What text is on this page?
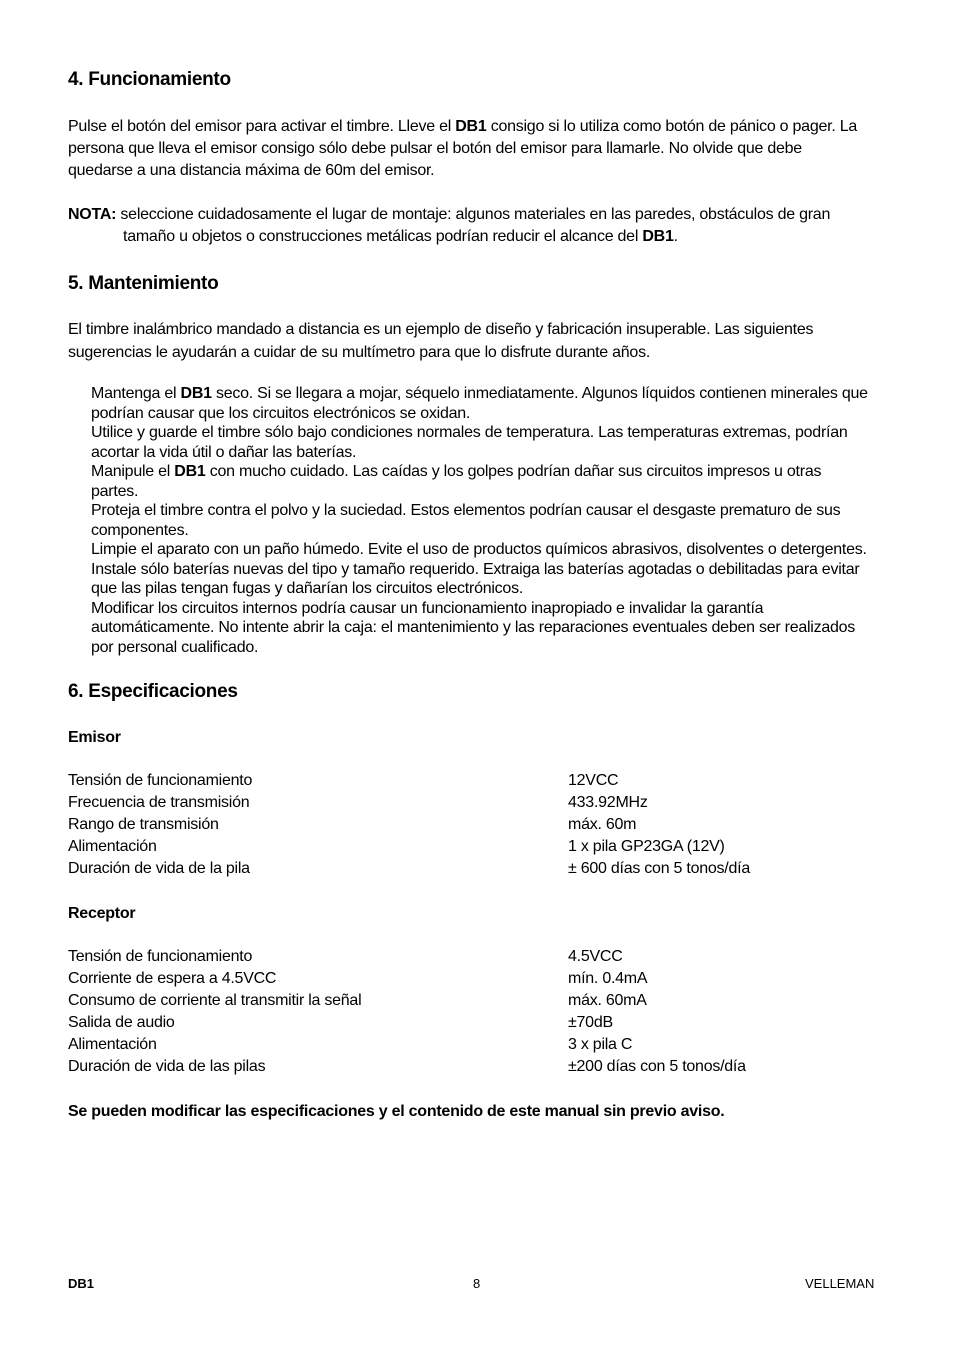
4. Funcionamiento
Pulse el botón del emisor para activar el timbre. Lleve el DB1 consigo si lo utiliza como botón de pánico o pager. La
persona que lleva el emisor consigo sólo debe pulsar el botón del emisor para llamarle. No olvide que debe
quedarse a una distancia máxima de 60m del emisor.
NOTA: seleccione cuidadosamente el lugar de montaje: algunos materiales en las paredes, obstáculos de gran
tamaño u objetos o construcciones metálicas podrían reducir el alcance del DB1.
5. Mantenimiento
El timbre inalámbrico mandado a distancia es un ejemplo de diseño y fabricación insuperable. Las siguientes
sugerencias le ayudarán a cuidar de su multímetro para que lo disfrute durante años.
Mantenga el DB1 seco. Si se llegara a mojar, séquelo inmediatamente. Algunos líquidos contienen minerales que
podrían causar que los circuitos electrónicos se oxidan.
Utilice y guarde el timbre sólo bajo condiciones normales de temperatura. Las temperaturas extremas, podrían
acortar la vida útil o dañar las baterías.
Manipule el DB1 con mucho cuidado. Las caídas y los golpes podrían dañar sus circuitos impresos u otras
partes.
Proteja el timbre contra el polvo y la suciedad. Estos elementos podrían causar el desgaste prematuro de sus
componentes.
Limpie el aparato con un paño húmedo. Evite el uso de productos químicos abrasivos, disolventes o detergentes.
Instale sólo baterías nuevas del tipo y tamaño requerido. Extraiga las baterías agotadas o debilitadas para evitar
que las pilas tengan fugas y dañarían los circuitos electrónicos.
Modificar los circuitos internos podría causar un funcionamiento inapropiado e invalidar la garantía
automáticamente. No intente abrir la caja: el mantenimiento y las reparaciones eventuales deben ser realizados
por personal cualificado.
6. Especificaciones
Emisor
Tensión de funcionamiento	12VCC
Frecuencia de transmisión	433.92MHz
Rango de transmisión	máx. 60m
Alimentación	1 x pila GP23GA (12V)
Duración de vida de la pila	± 600 días con 5 tonos/día
Receptor
Tensión de funcionamiento	4.5VCC
Corriente de espera a 4.5VCC	mín. 0.4mA
Consumo de corriente al transmitir la señal	máx. 60mA
Salida de audio	±70dB
Alimentación	3 x pila C
Duración de vida de las pilas	±200 días con 5 tonos/día
Se pueden modificar las especificaciones y el contenido de este manual sin previo aviso.
DB1	8	VELLEMAN
